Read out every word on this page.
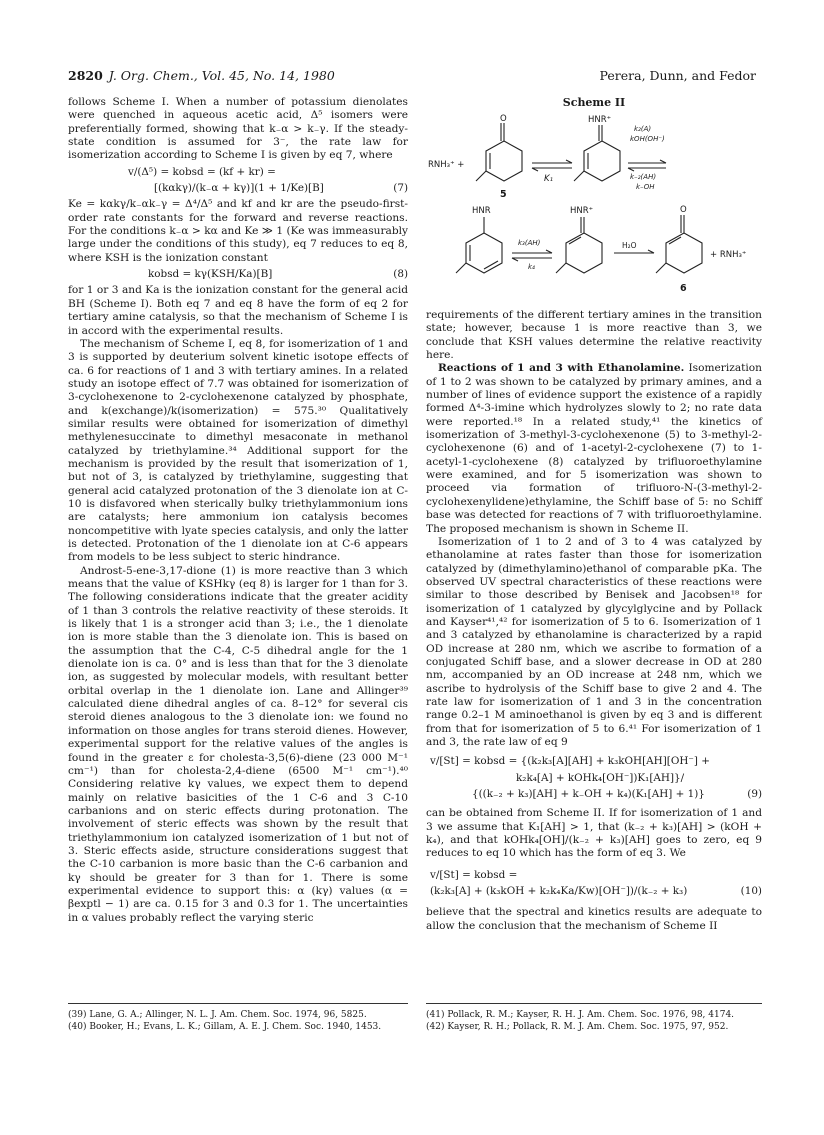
2820 J. Org. Chem., Vol. 45, No. 14, 1980	Perera, Dunn, and Fedor

follows Scheme I. When a number of potassium dienolates were quenched in aqueous acetic acid, Δ⁵ isomers were preferentially formed, showing that k₋α > k₋γ. If the steady-state condition is assumed for 3⁻, the rate law for isomerization according to Scheme I is given by eq 7, where

v/(Δ⁵) = kobsd = (kf + kr) =
[(kαkγ)/(k₋α + kγ)](1 + 1/Ke)[B]	(7)

Ke = kαkγ/k₋αk₋γ = Δ⁴/Δ⁵ and kf and kr are the pseudo-first-order rate constants for the forward and reverse reactions. For the conditions k₋α > kα and Ke ≫ 1 (Ke was immeasurably large under the conditions of this study), eq 7 reduces to eq 8, where KSH is the ionization constant

kobsd = kγ(KSH/Ka)[B]	(8)

for 1 or 3 and Ka is the ionization constant for the general acid BH (Scheme I). Both eq 7 and eq 8 have the form of eq 2 for tertiary amine catalysis, so that the mechanism of Scheme I is in accord with the experimental results.

The mechanism of Scheme I, eq 8, for isomerization of 1 and 3 is supported by deuterium solvent kinetic isotope effects of ca. 6 for reactions of 1 and 3 with tertiary amines. In a related study an isotope effect of 7.7 was obtained for isomerization of 3-cyclohexenone to 2-cyclohexenone catalyzed by phosphate, and k(exchange)/k(isomerization) = 575.³⁰ Qualitatively similar results were obtained for isomerization of dimethyl methylenesuccinate to dimethyl mesaconate in methanol catalyzed by triethylamine.³⁴ Additional support for the mechanism is provided by the result that isomerization of 1, but not of 3, is catalyzed by triethylamine, suggesting that general acid catalyzed protonation of the 3 dienolate ion at C-10 is disfavored when sterically bulky triethylammonium ions are catalysts; here ammonium ion catalysis becomes noncompetitive with lyate species catalysis, and only the latter is detected. Protonation of the 1 dienolate ion at C-6 appears from models to be less subject to steric hindrance.

Androst-5-ene-3,17-dione (1) is more reactive than 3 which means that the value of KSHkγ (eq 8) is larger for 1 than for 3. The following considerations indicate that the greater acidity of 1 than 3 controls the relative reactivity of these steroids. It is likely that 1 is a stronger acid than 3; i.e., the 1 dienolate ion is more stable than the 3 dienolate ion. This is based on the assumption that the C-4, C-5 dihedral angle for the 1 dienolate ion is ca. 0° and is less than that for the 3 dienolate ion, as suggested by molecular models, with resultant better orbital overlap in the 1 dienolate ion. Lane and Allinger³⁹ calculated diene dihedral angles of ca. 8–12° for several cis steroid dienes analogous to the 3 dienolate ion: we found no information on those angles for trans steroid dienes. However, experimental support for the relative values of the angles is found in the greater ε for cholesta-3,5(6)-diene (23 000 M⁻¹ cm⁻¹) than for cholesta-2,4-diene (6500 M⁻¹ cm⁻¹).⁴⁰ Considering relative kγ values, we expect them to depend mainly on relative basicities of the 1 C-6 and 3 C-10 carbanions and on steric effects during protonation. The involvement of steric effects was shown by the result that triethylammonium ion catalyzed isomerization of 1 but not of 3. Steric effects aside, structure considerations suggest that the C-10 carbanion is more basic than the C-6 carbanion and kγ should be greater for 3 than for 1. There is some experimental evidence to support this: α (kγ) values (α = βexptl − 1) are ca. 0.15 for 3 and 0.3 for 1. The uncertainties in α values probably reflect the varying steric

Scheme II
O	HNR⁺
RNH₃⁺ +
K₁
k₂(A)
kOH(OH⁻)
k₋₂(AH)
k₋OH
5
HNR	HNR⁺
k₃(AH)
k₄
H₂O
O
+ RNH₃⁺
6

requirements of the different tertiary amines in the transition state; however, because 1 is more reactive than 3, we conclude that KSH values determine the relative reactivity here.

Reactions of 1 and 3 with Ethanolamine. Isomerization of 1 to 2 was shown to be catalyzed by primary amines, and a number of lines of evidence support the existence of a rapidly formed Δ⁴-3-imine which hydrolyzes slowly to 2; no rate data were reported.¹⁸ In a related study,⁴¹ the kinetics of isomerization of 3-methyl-3-cyclohexenone (5) to 3-methyl-2-cyclohexenone (6) and of 1-acetyl-2-cyclohexene (7) to 1-acetyl-1-cyclohexene (8) catalyzed by trifluoroethylamine were examined, and for 5 isomerization was shown to proceed via formation of trifluoro-N-(3-methyl-2-cyclohexenylidene)ethylamine, the Schiff base of 5: no Schiff base was detected for reactions of 7 with trifluoroethylamine. The proposed mechanism is shown in Scheme II.

Isomerization of 1 to 2 and of 3 to 4 was catalyzed by ethanolamine at rates faster than those for isomerization catalyzed by (dimethylamino)ethanol of comparable pKa. The observed UV spectral characteristics of these reactions were similar to those described by Benisek and Jacobsen¹⁸ for isomerization of 1 catalyzed by glycylglycine and by Pollack and Kayser⁴¹,⁴² for isomerization of 5 to 6. Isomerization of 1 and 3 catalyzed by ethanolamine is characterized by a rapid OD increase at 280 nm, which we ascribe to formation of a conjugated Schiff base, and a slower decrease in OD at 280 nm, accompanied by an OD increase at 248 nm, which we ascribe to hydrolysis of the Schiff base to give 2 and 4. The rate law for isomerization of 1 and 3 in the concentration range 0.2–1 M aminoethanol is given by eq 3 and is different from that for isomerization of 5 to 6.⁴¹ For isomerization of 1 and 3, the rate law of eq 9

v/[St] = kobsd = {(k₂k₃[A][AH] + k₃kOH[AH][OH⁻] +
k₂k₄[A] + kOHk₄[OH⁻])K₁[AH]}/
{((k₋₂ + k₃)[AH] + k₋OH + k₄)(K₁[AH] + 1)}	(9)

can be obtained from Scheme II. If for isomerization of 1 and 3 we assume that K₁[AH] > 1, that (k₋₂ + k₃)[AH] > (kOH + k₄), and that kOHk₄[OH]/(k₋₂ + k₃)[AH] goes to zero, eq 9 reduces to eq 10 which has the form of eq 3. We

v/[St] = kobsd =
(k₂k₃[A] + (k₃kOH + k₂k₄Ka/Kw)[OH⁻])/(k₋₂ + k₃)	(10)

believe that the spectral and kinetics results are adequate to allow the conclusion that the mechanism of Scheme II

(39) Lane, G. A.; Allinger, N. L. J. Am. Chem. Soc. 1974, 96, 5825.
(40) Booker, H.; Evans, L. K.; Gillam, A. E. J. Chem. Soc. 1940, 1453.
(41) Pollack, R. M.; Kayser, R. H. J. Am. Chem. Soc. 1976, 98, 4174.
(42) Kayser, R. H.; Pollack, R. M. J. Am. Chem. Soc. 1975, 97, 952.
